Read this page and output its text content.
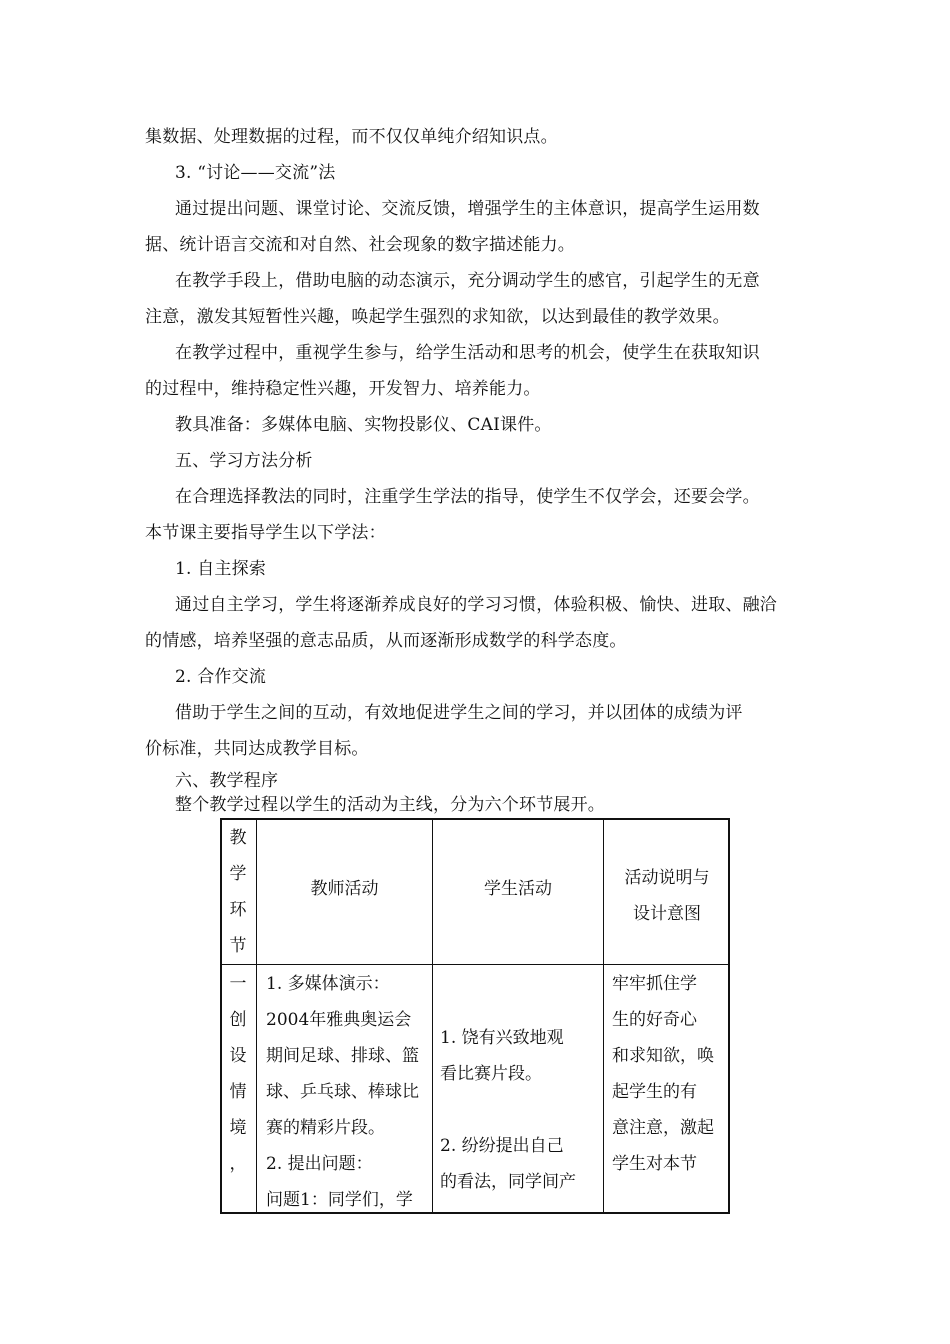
集数据、处理数据的过程，而不仅仅单纯介绍知识点。
3. “讨论——交流”法
通过提出问题、课堂讨论、交流反馈，增强学生的主体意识，提高学生运用数
据、统计语言交流和对自然、社会现象的数字描述能力。
在教学手段上，借助电脑的动态演示，充分调动学生的感官，引起学生的无意
注意，激发其短暂性兴趣，唤起学生强烈的求知欲，以达到最佳的教学效果。
在教学过程中，重视学生参与，给学生活动和思考的机会，使学生在获取知识
的过程中，维持稳定性兴趣，开发智力、培养能力。
教具准备：多媒体电脑、实物投影仪、CAI课件。
五、学习方法分析
在合理选择教法的同时，注重学生学法的指导，使学生不仅学会，还要会学。
本节课主要指导学生以下学法：
1. 自主探索
通过自主学习，学生将逐渐养成良好的学习习惯，体验积极、愉快、进取、融洽
的情感，培养坚强的意志品质，从而逐渐形成数学的科学态度。
2. 合作交流
借助于学生之间的互动，有效地促进学生之间的学习，并以团体的成绩为评
价标准，共同达成教学目标。
六、教学程序
整个教学过程以学生的活动为主线，分为六个环节展开。
教
学
环
节
教师活动	学生活动
活动说明与
设计意图
一
创
设
情
境
，
1. 多媒体演示：
2004年雅典奥运会
期间足球、排球、篮
球、乒乓球、棒球比
赛的精彩片段。
2. 提出问题：
问题1：同学们，学
1. 饶有兴致地观
看比赛片段。
2. 纷纷提出自己
的看法，同学间产
牢牢抓住学
生的好奇心
和求知欲，唤
起学生的有
意注意，激起
学生对本节
